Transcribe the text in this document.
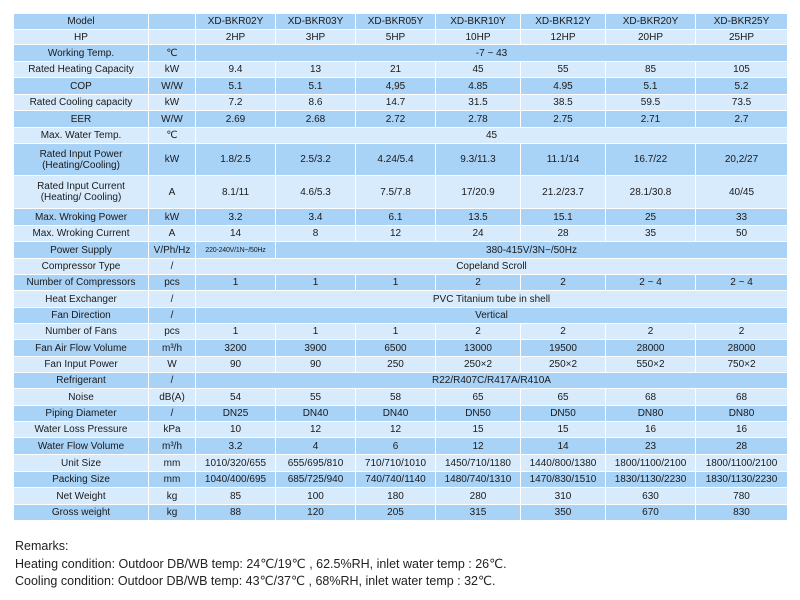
Model		XD-BKR02Y	XD-BKR03Y	XD-BKR05Y	XD-BKR10Y	XD-BKR12Y	XD-BKR20Y	XD-BKR25Y
HP		2HP	3HP	5HP	10HP	12HP	20HP	25HP
Working Temp.	℃	-7 ~ 43						
Rated Heating Capacity	kW	9.4	13	21	45	55	85	105
COP	W/W	5.1	5.1	4,95	4.85	4.95	5.1	5.2
Rated Cooling capacity	kW	7.2	8.6	14.7	31.5	38.5	59.5	73.5
EER	W/W	2.69	2.68	2.72	2.78	2.75	2.71	2.7
Max. Water Temp.	℃	45						
Rated Input Power (Heating/Cooling)	kW	1.8/2.5	2.5/3.2	4.24/5.4	9.3/11.3	11.1/14	16.7/22	20,2/27
Rated Input Current (Heating/ Cooling)	A	8.1/11	4.6/5.3	7.5/7.8	17/20.9	21.2/23.7	28.1/30.8	40/45
Max. Wroking Power	kW	3.2	3.4	6.1	13.5	15.1	25	33
Max. Wroking Current	A	14	8	12	24	28	35	50
Power Supply	V/Ph/Hz	220-240V/1N~/50Hz	380-415V/3N~/50Hz					
Compressor Type	/	Copeland Scroll						
Number of Compressors	pcs	1	1	1	2	2	2 ~ 4	2 ~ 4
Heat Exchanger	/	PVC Titanium tube in shell						
Fan Direction	/	Vertical						
Number of Fans	pcs	1	1	1	2	2	2	2
Fan Air Flow Volume	m³/h	3200	3900	6500	13000	19500	28000	28000
Fan Input Power	W	90	90	250	250×2	250×2	550×2	750×2
Refrigerant	/	R22/R407C/R417A/R410A						
Noise	dB(A)	54	55	58	65	65	68	68
Piping Diameter	/	DN25	DN40	DN40	DN50	DN50	DN80	DN80
Water Loss Pressure	kPa	10	12	12	15	15	16	16
Water Flow Volume	m³/h	3.2	4	6	12	14	23	28
Unit Size	mm	1010/320/655	655/695/810	710/710/1010	1450/710/1180	1440/800/1380	1800/1100/2100	1800/1100/2100
Packing Size	mm	1040/400/695	685/725/940	740/740/1140	1480/740/1310	1470/830/1510	1830/1130/2230	1830/1130/2230
Net Weight	kg	85	100	180	280	310	630	780
Gross weight	kg	88	120	205	315	350	670	830
Remarks:
Heating condition: Outdoor DB/WB temp: 24℃/19℃ , 62.5%RH, inlet water temp : 26℃.
Cooling condition: Outdoor DB/WB temp: 43℃/37℃ , 68%RH, inlet water temp : 32℃.
